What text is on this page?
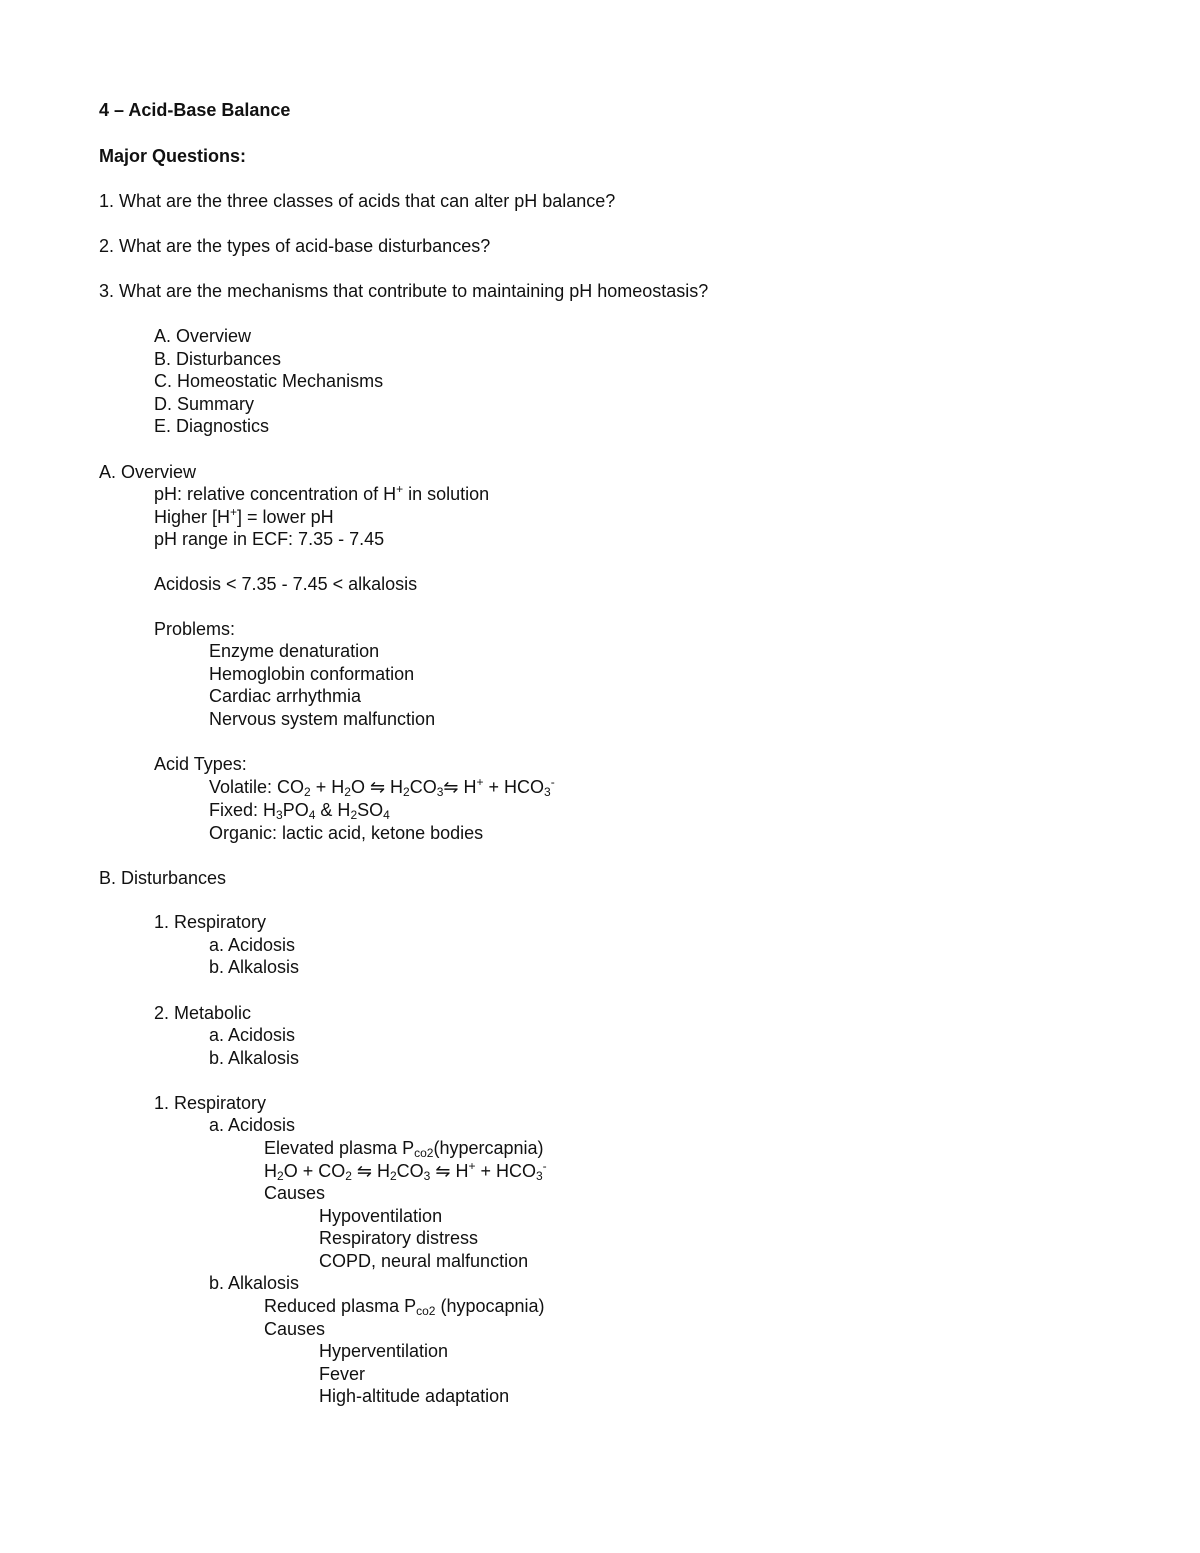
4 – Acid-Base Balance
Major Questions:
1. What are the three classes of acids that can alter pH balance?
2. What are the types of acid-base disturbances?
3. What are the mechanisms that contribute to maintaining pH homeostasis?
A. Overview
B. Disturbances
C. Homeostatic Mechanisms
D. Summary
E. Diagnostics
A. Overview
pH: relative concentration of H+ in solution
Higher [H+] = lower pH
pH range in ECF: 7.35 - 7.45
Acidosis < 7.35 - 7.45 < alkalosis
Problems:
Enzyme denaturation
Hemoglobin conformation
Cardiac arrhythmia
Nervous system malfunction
Acid Types:
Volatile: $CO_2 + H_2O$ ⇋ $H_2CO_3⇋$ $H^+ + HCO_3^-$
Fixed: $H_3PO_4$ & $H_2SO_4$
Organic: lactic acid, ketone bodies
B. Disturbances
1. Respiratory
a. Acidosis
b. Alkalosis
2. Metabolic
a. Acidosis
b. Alkalosis
1. Respiratory
a. Acidosis
Elevated plasma $P_{co2}(hypercapnia)$
$H_2O + CO_2$ ⇋ $H_2CO_3$ ⇋ $H^+ + HCO_3^-$
Causes
Hypoventilation
Respiratory distress
COPD, neural malfunction
b. Alkalosis
Reduced plasma $P_{co2}$ (hypocapnia)
Causes
Hyperventilation
Fever
High-altitude adaptation
